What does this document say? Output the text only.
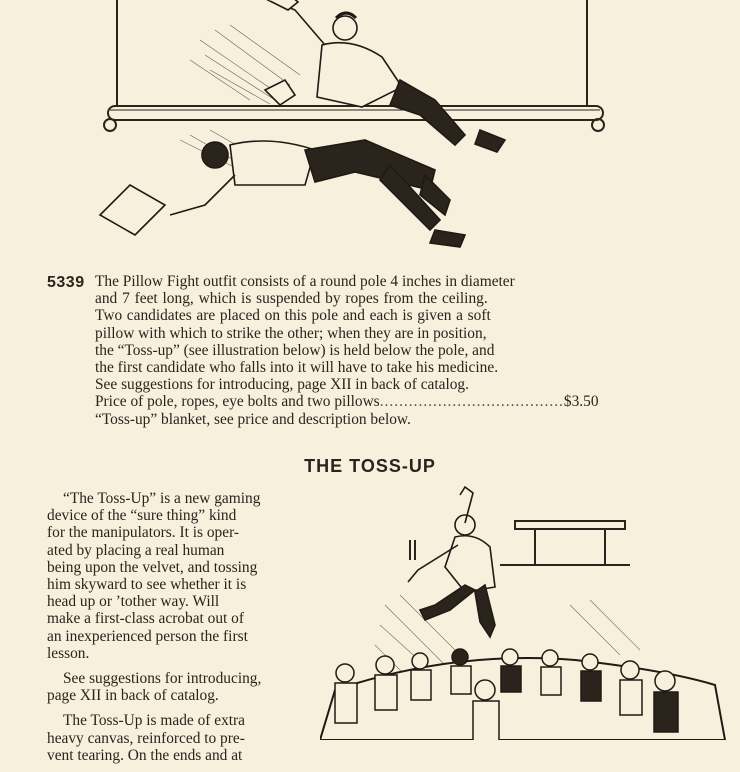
5339 The Pillow Fight outfit consists of a round pole 4 inches in diameter
and 7 feet long, which is suspended by ropes from the ceiling.
Two candidates are placed on this pole and each is given a soft
pillow with which to strike the other; when they are in position,
the “Toss-up” (see illustration below) is held below the pole, and
the first candidate who falls into it will have to take his medicine.
See suggestions for introducing, page XII in back of catalog.
Price of pole, ropes, eye bolts and two pillows......................................$3.50
“Toss-up” blanket, see price and description below.
THE TOSS-UP

“The Toss-Up” is a new gaming
device of the “sure thing” kind
for the manipulators. It is oper-
ated by placing a real human
being upon the velvet, and tossing
him skyward to see whether it is
head up or ’tother way. Will
make a first-class acrobat out of
an inexperienced person the first
lesson.

See suggestions for introducing,
page XII in back of catalog.

The Toss-Up is made of extra
heavy canvas, reinforced to pre-
vent tearing. On the ends and at
